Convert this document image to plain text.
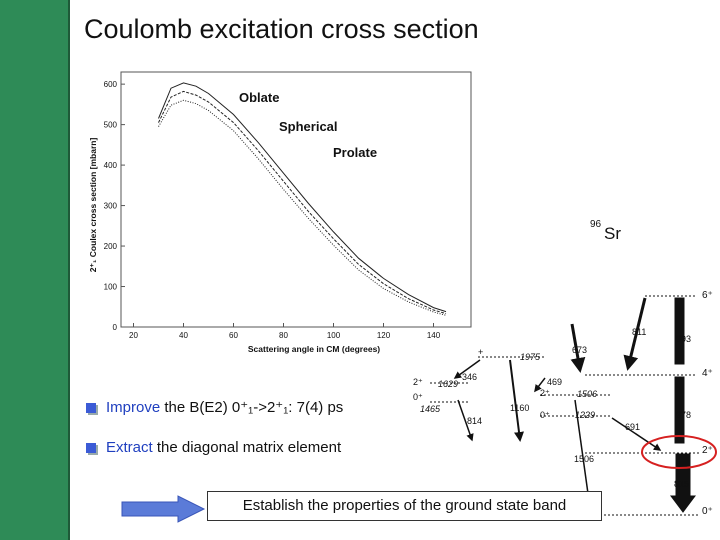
Coulomb excitation cross section
20	40	60	80	100	120	140
0
100
200
300
400
500
600
Scattering angle in CM (degrees)
2⁺₁ Coulex cross section [mbarn]
Oblate
Spherical
Prolate
96 Sr
6⁺
4⁺
2⁺
0⁺
2⁺
0⁺
0⁺
2⁺
+
1629
1465
1506
1229
1975
811
993
673
346	469
978
691
1160
814
1506
815
Improve the B(E2) 0⁺₁->2⁺₁: 7(4) ps
Extract the diagonal matrix element
Establish the properties of the ground state band
